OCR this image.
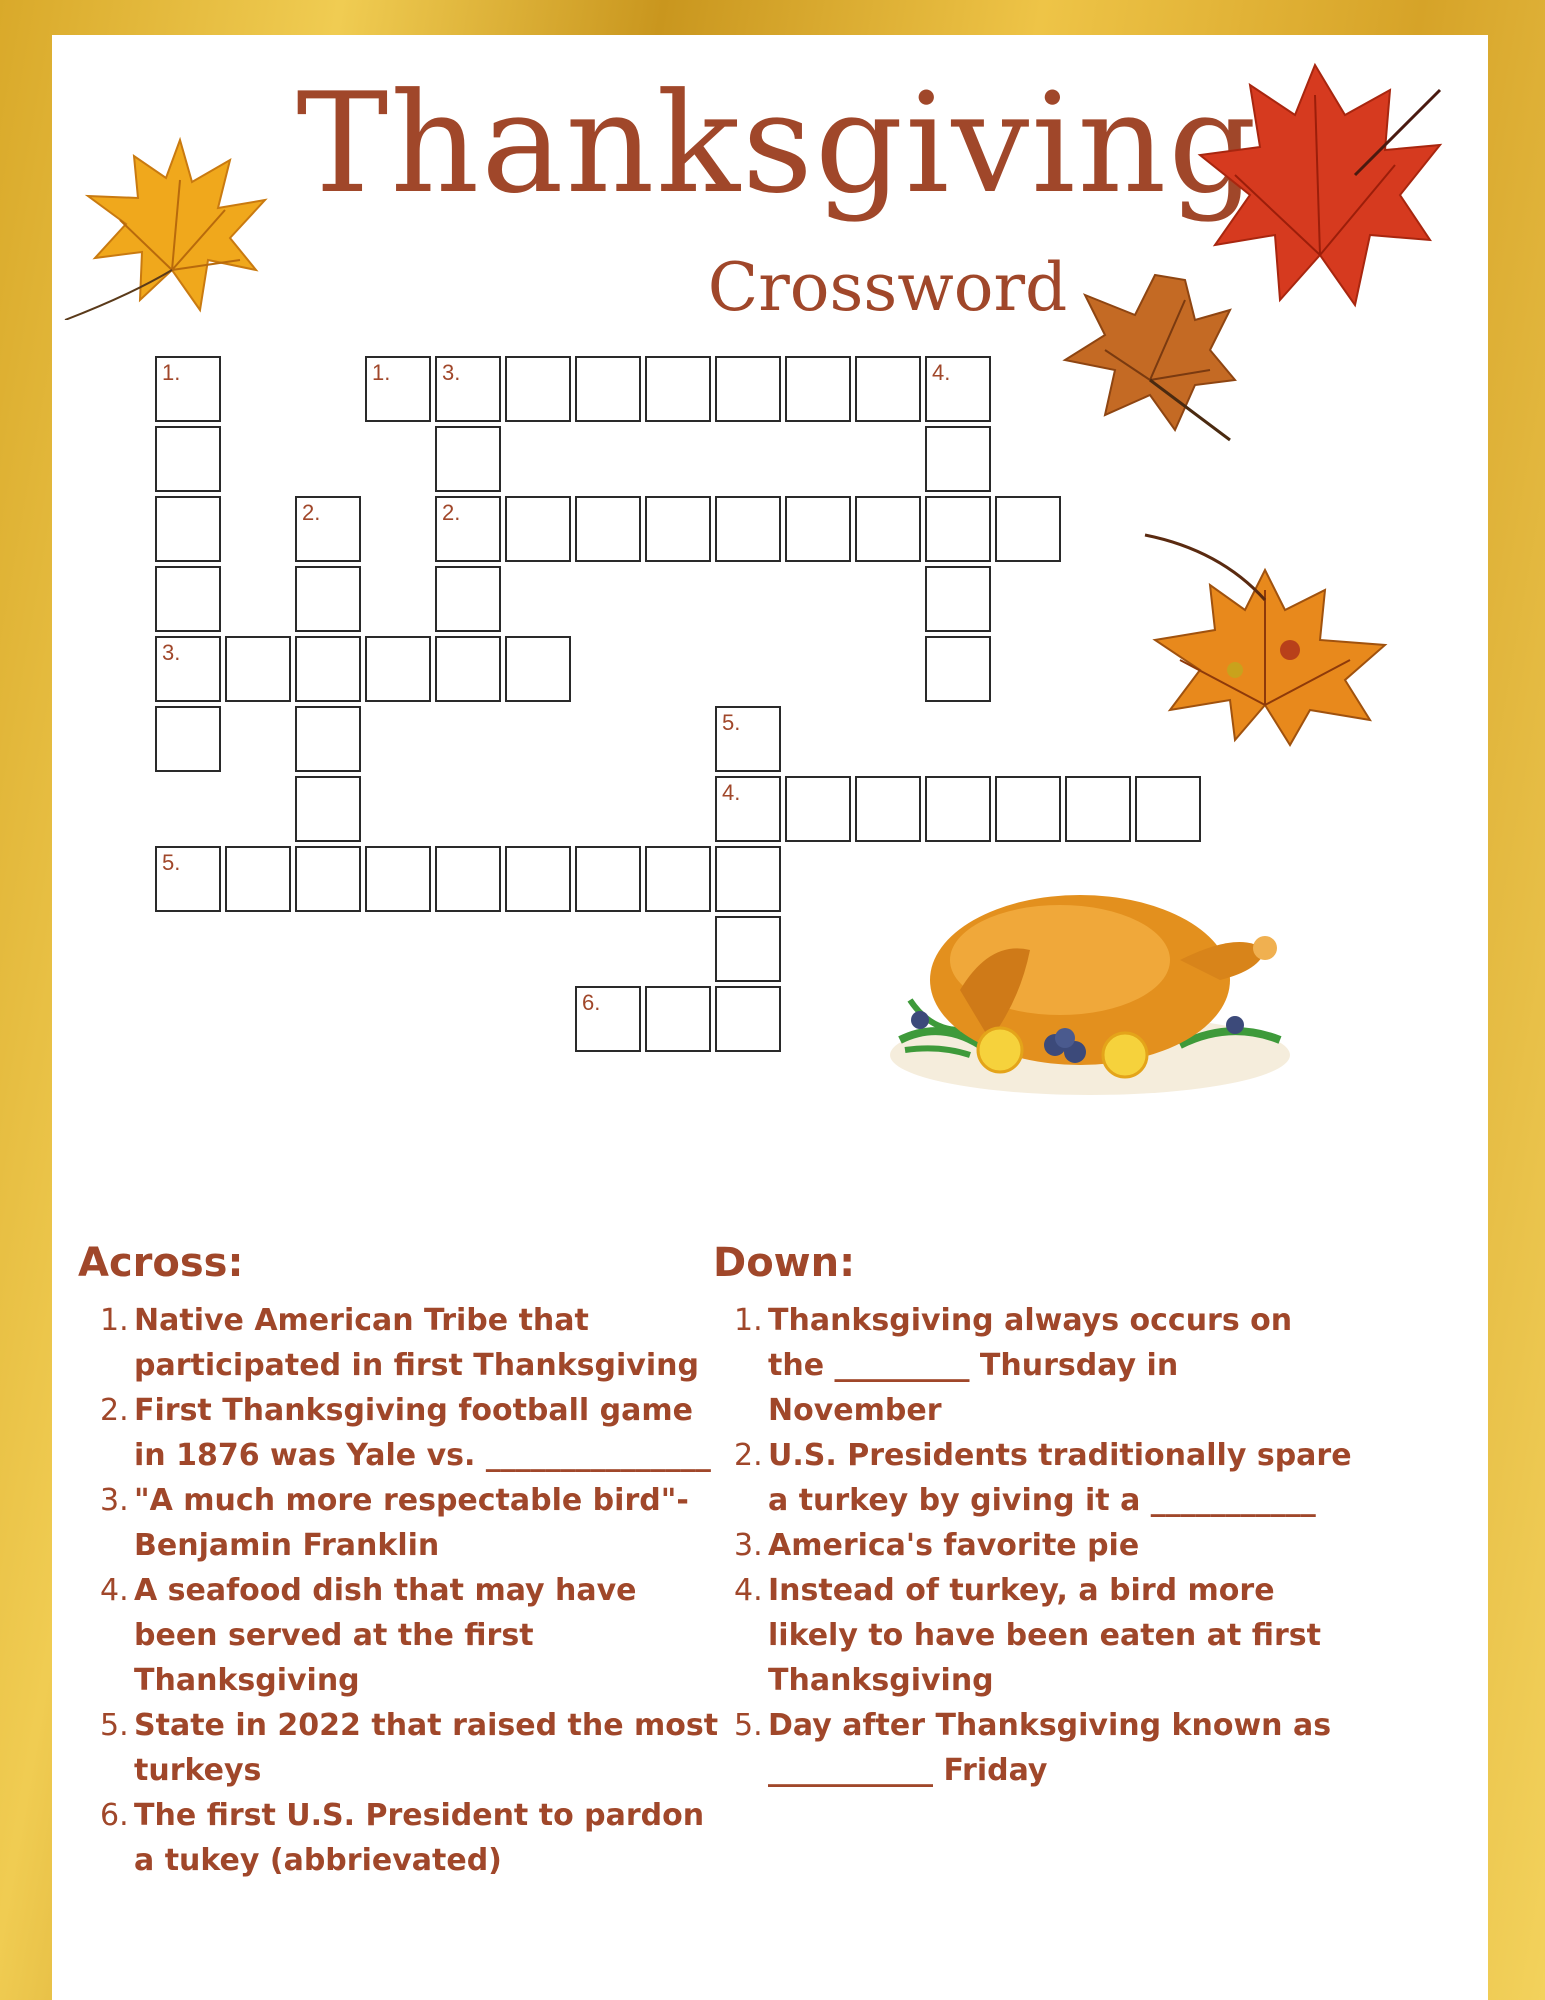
Thanksgiving
Crossword
1.
3.
5.
2.
1. 3.
2.
6.
5.
4.
4.
Across:
1. Native American Tribe that participated in first Thanksgiving
2. First Thanksgiving football game in 1876 was Yale vs. _______________
3. "A much more respectable bird"- Benjamin Franklin
4. A seafood dish that may have been served at the first Thanksgiving
5. State in 2022 that raised the most turkeys
6. The first U.S. President to pardon a tukey (abbrievated)
Down:
1. Thanksgiving always occurs on the _________ Thursday in November
2. U.S. Presidents traditionally spare a turkey by giving it a ___________
3. America's favorite pie
4. Instead of turkey, a bird more likely to have been eaten at first Thanksgiving
5. Day after Thanksgiving known as ___________ Friday
